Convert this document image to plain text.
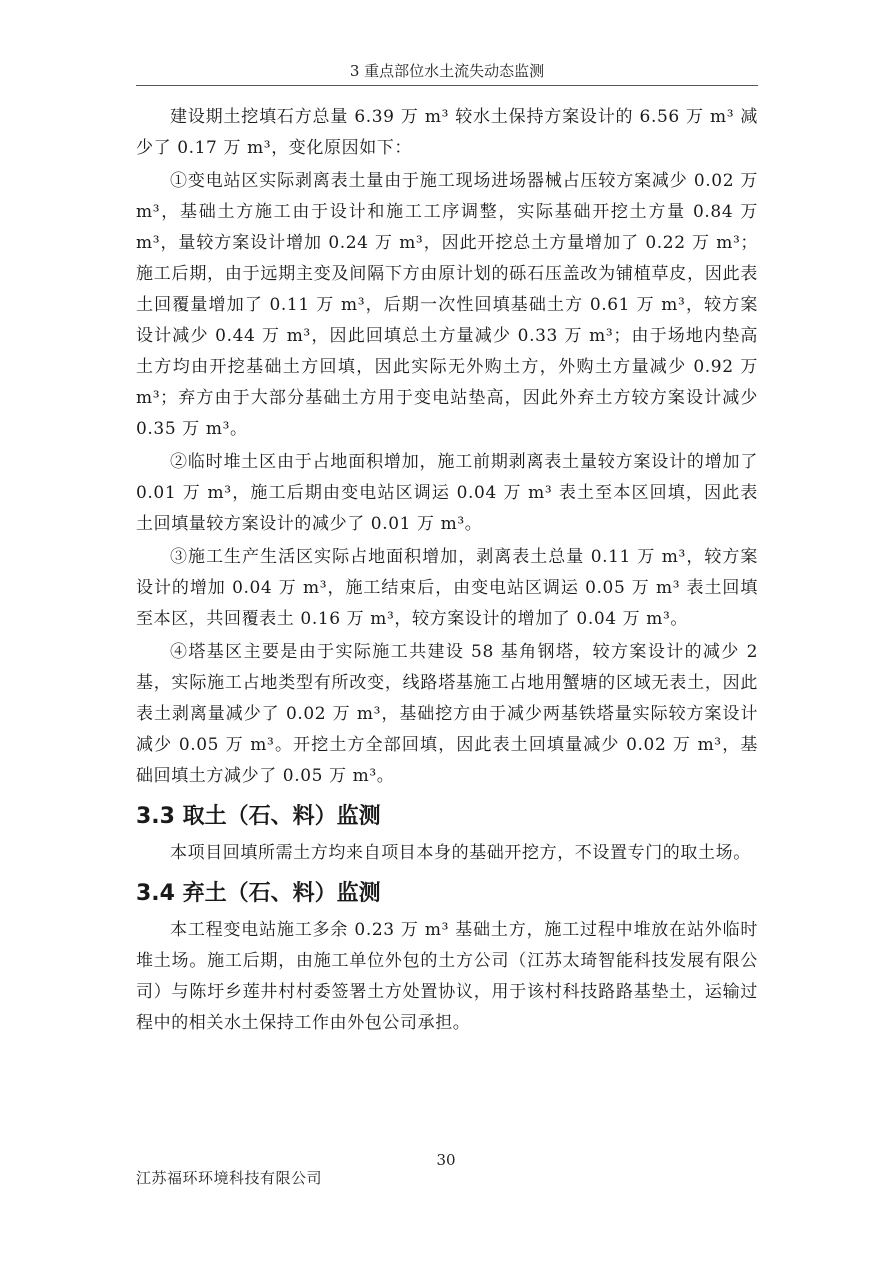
3 重点部位水土流失动态监测

建设期土挖填石方总量 6.39 万 m³ 较水土保持方案设计的 6.56 万 m³ 减少了 0.17 万 m³，变化原因如下：

①变电站区实际剥离表土量由于施工现场进场器械占压较方案减少 0.02 万 m³，基础土方施工由于设计和施工工序调整，实际基础开挖土方量 0.84 万 m³，量较方案设计增加 0.24 万 m³，因此开挖总土方量增加了 0.22 万 m³；施工后期，由于远期主变及间隔下方由原计划的砾石压盖改为铺植草皮，因此表土回覆量增加了 0.11 万 m³，后期一次性回填基础土方 0.61 万 m³，较方案设计减少 0.44 万 m³，因此回填总土方量减少 0.33 万 m³；由于场地内垫高土方均由开挖基础土方回填，因此实际无外购土方，外购土方量减少 0.92 万 m³；弃方由于大部分基础土方用于变电站垫高，因此外弃土方较方案设计减少 0.35 万 m³。

②临时堆土区由于占地面积增加，施工前期剥离表土量较方案设计的增加了 0.01 万 m³，施工后期由变电站区调运 0.04 万 m³ 表土至本区回填，因此表土回填量较方案设计的减少了 0.01 万 m³。

③施工生产生活区实际占地面积增加，剥离表土总量 0.11 万 m³，较方案设计的增加 0.04 万 m³，施工结束后，由变电站区调运 0.05 万 m³ 表土回填至本区，共回覆表土 0.16 万 m³，较方案设计的增加了 0.04 万 m³。

④塔基区主要是由于实际施工共建设 58 基角钢塔，较方案设计的减少 2 基，实际施工占地类型有所改变，线路塔基施工占地用蟹塘的区域无表土，因此表土剥离量减少了 0.02 万 m³，基础挖方由于减少两基铁塔量实际较方案设计减少 0.05 万 m³。开挖土方全部回填，因此表土回填量减少 0.02 万 m³，基础回填土方减少了 0.05 万 m³。

3.3 取土（石、料）监测

本项目回填所需土方均来自项目本身的基础开挖方，不设置专门的取土场。

3.4 弃土（石、料）监测

本工程变电站施工多余 0.23 万 m³ 基础土方，施工过程中堆放在站外临时堆土场。施工后期，由施工单位外包的土方公司（江苏太琦智能科技发展有限公司）与陈圩乡莲井村村委签署土方处置协议，用于该村科技路路基垫土，运输过程中的相关水土保持工作由外包公司承担。

30
江苏福环环境科技有限公司
